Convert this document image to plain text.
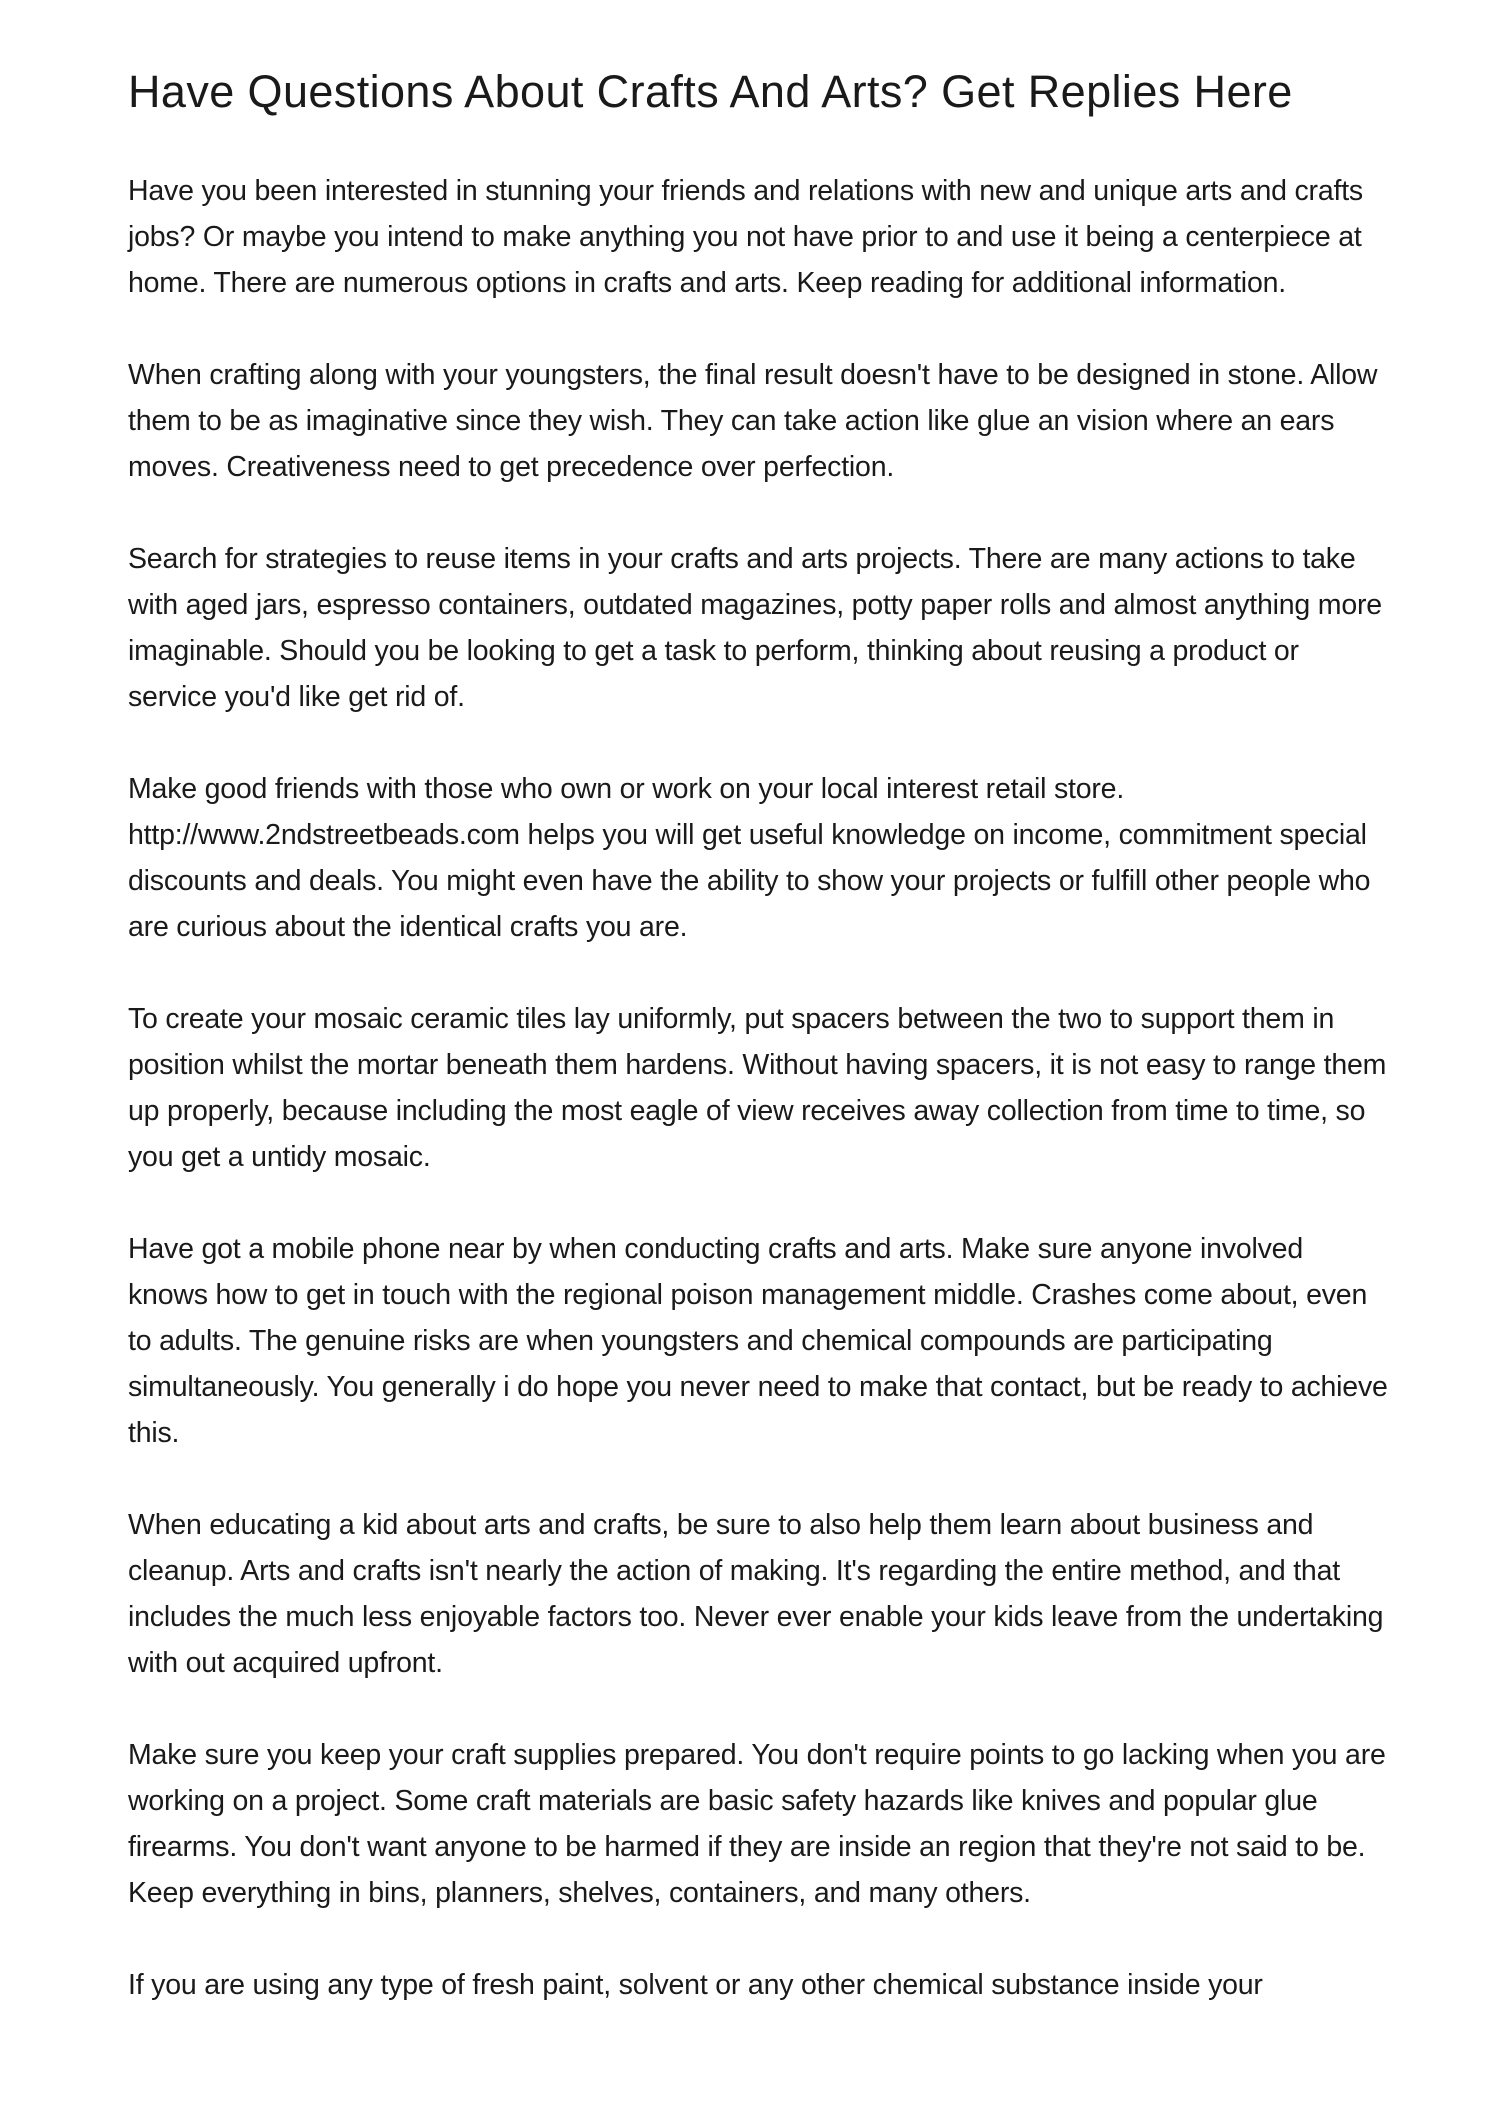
Have Questions About Crafts And Arts? Get Replies Here

Have you been interested in stunning your friends and relations with new and unique arts and crafts jobs? Or maybe you intend to make anything you not have prior to and use it being a centerpiece at home. There are numerous options in crafts and arts. Keep reading for additional information.

When crafting along with your youngsters, the final result doesn't have to be designed in stone. Allow them to be as imaginative since they wish. They can take action like glue an vision where an ears moves. Creativeness need to get precedence over perfection.

Search for strategies to reuse items in your crafts and arts projects. There are many actions to take with aged jars, espresso containers, outdated magazines, potty paper rolls and almost anything more imaginable. Should you be looking to get a task to perform, thinking about reusing a product or service you'd like get rid of.

Make good friends with those who own or work on your local interest retail store. http://www.2ndstreetbeads.com helps you will get useful knowledge on income, commitment special discounts and deals. You might even have the ability to show your projects or fulfill other people who are curious about the identical crafts you are.

To create your mosaic ceramic tiles lay uniformly, put spacers between the two to support them in position whilst the mortar beneath them hardens. Without having spacers, it is not easy to range them up properly, because including the most eagle of view receives away collection from time to time, so you get a untidy mosaic.

Have got a mobile phone near by when conducting crafts and arts. Make sure anyone involved knows how to get in touch with the regional poison management middle. Crashes come about, even to adults. The genuine risks are when youngsters and chemical compounds are participating simultaneously. You generally i do hope you never need to make that contact, but be ready to achieve this.

When educating a kid about arts and crafts, be sure to also help them learn about business and cleanup. Arts and crafts isn't nearly the action of making. It's regarding the entire method, and that includes the much less enjoyable factors too. Never ever enable your kids leave from the undertaking with out acquired upfront.

Make sure you keep your craft supplies prepared. You don't require points to go lacking when you are working on a project. Some craft materials are basic safety hazards like knives and popular glue firearms. You don't want anyone to be harmed if they are inside an region that they're not said to be. Keep everything in bins, planners, shelves, containers, and many others.

If you are using any type of fresh paint, solvent or any other chemical substance inside your
